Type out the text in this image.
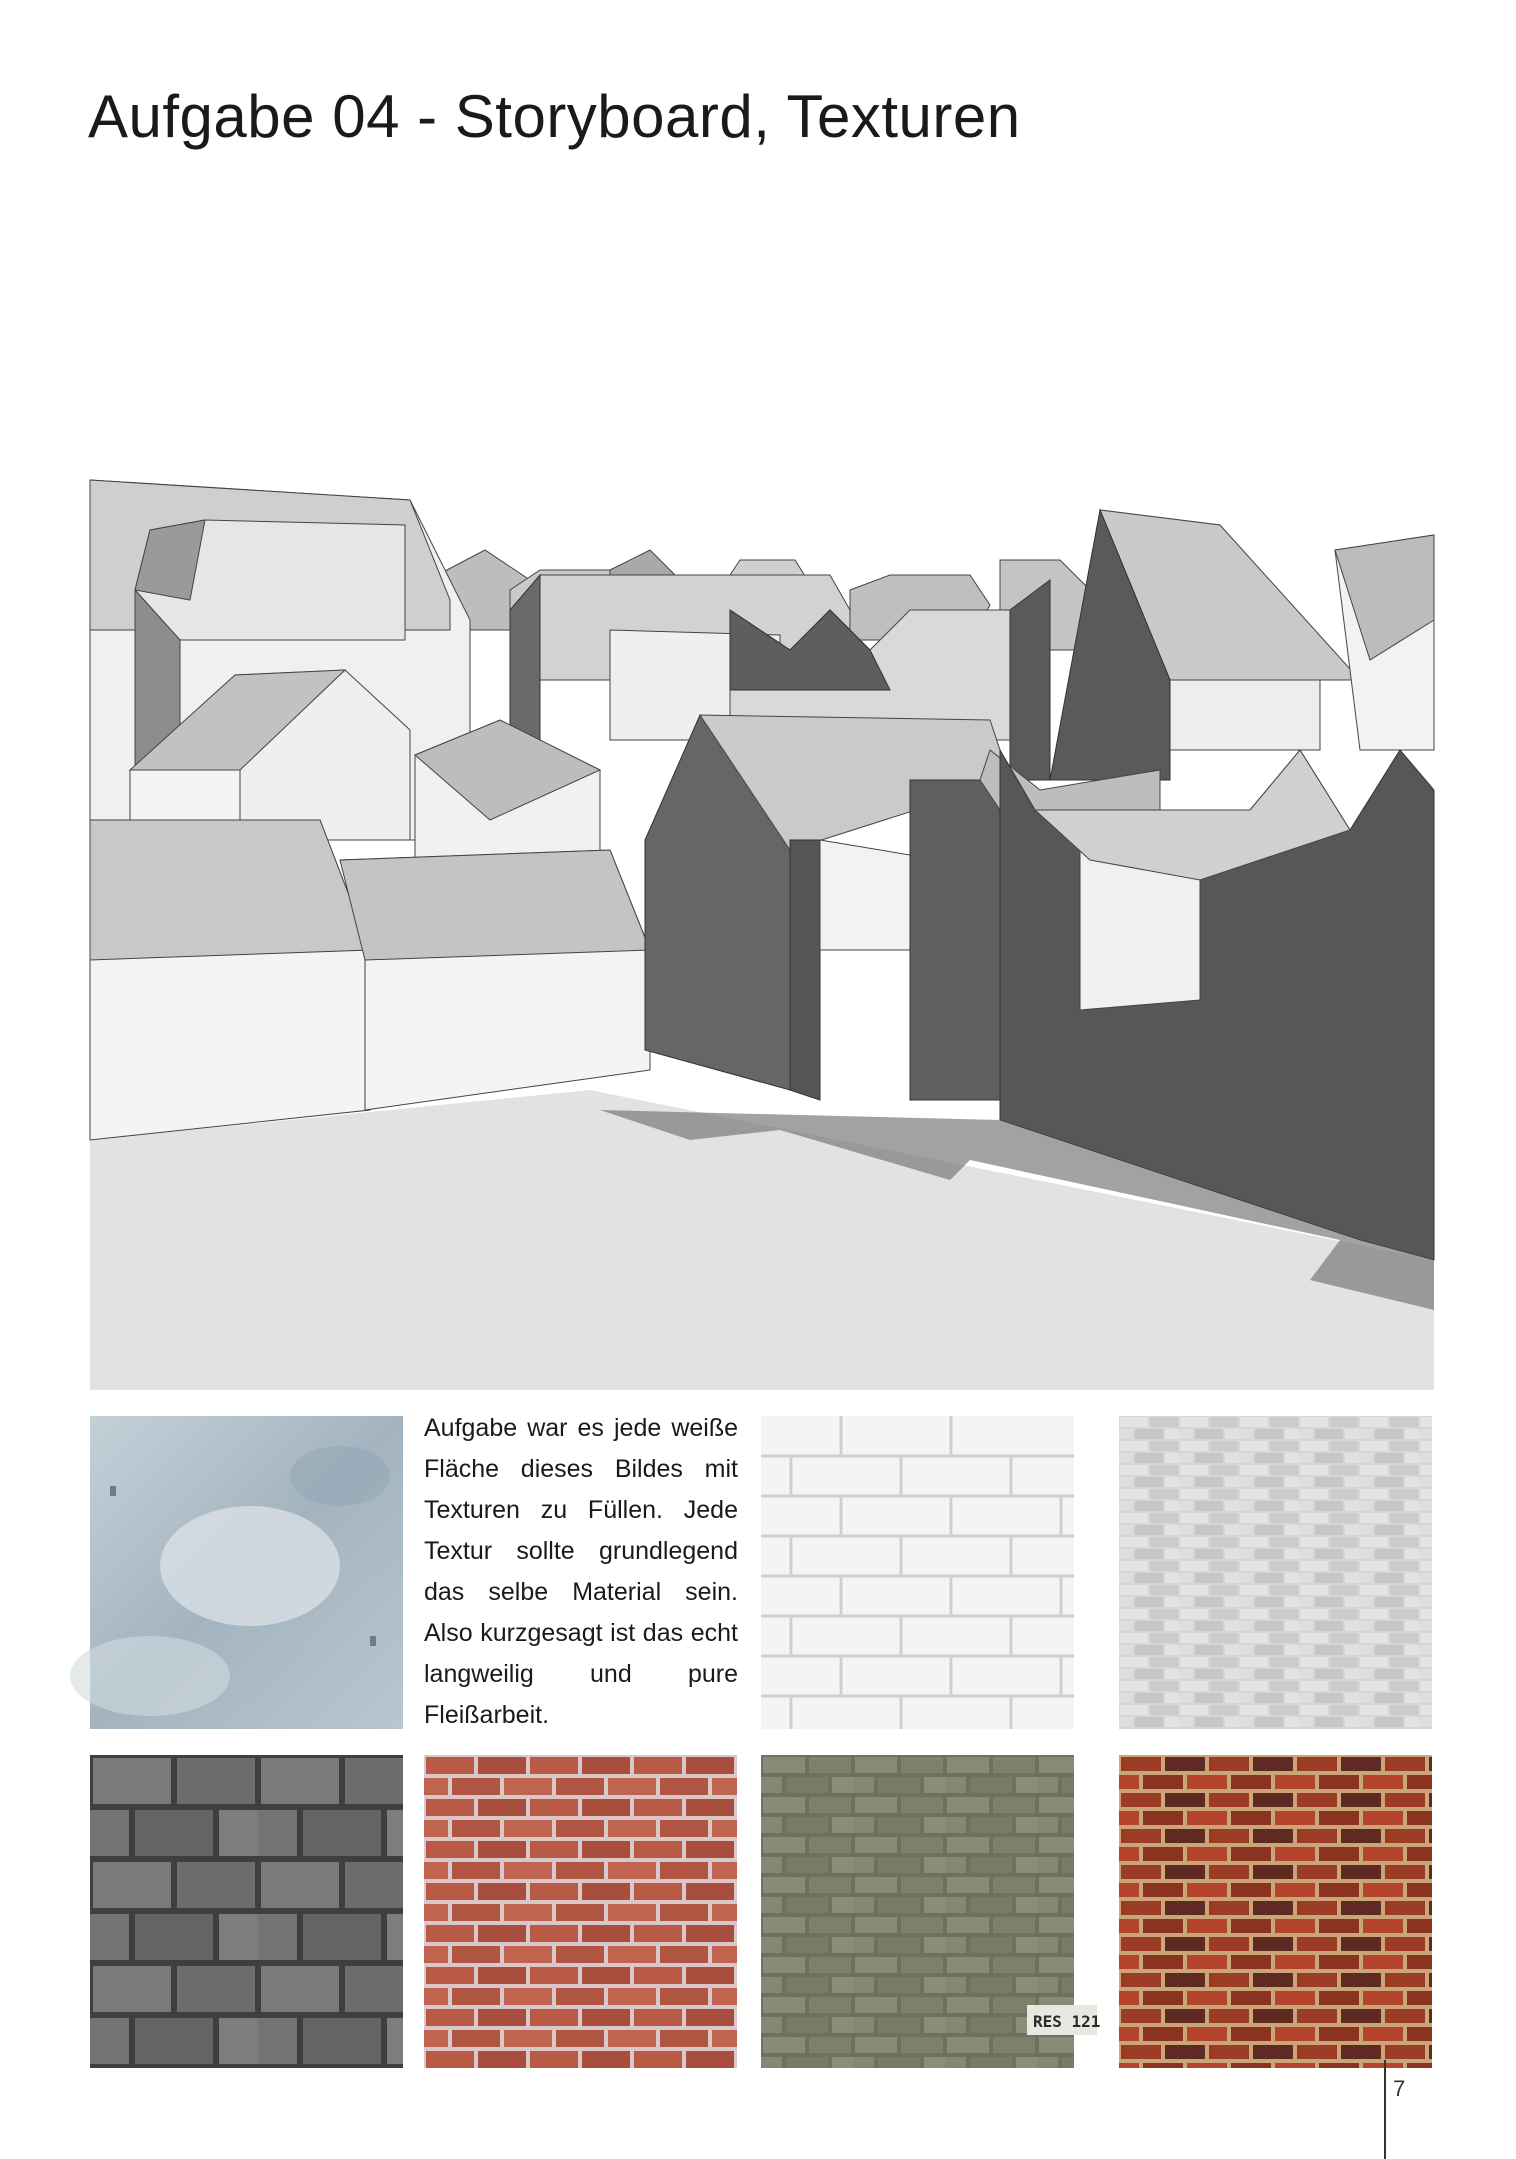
Aufgabe 04 - Storyboard, Texturen

Aufgabe war es jede weiße Fläche dieses Bildes mit Texturen zu Füllen. Jede Textur sollte grundlegend das selbe Material sein. Also kurzgesagt ist das echt langweilig und pure Fleißarbeit.

RES 121
7
